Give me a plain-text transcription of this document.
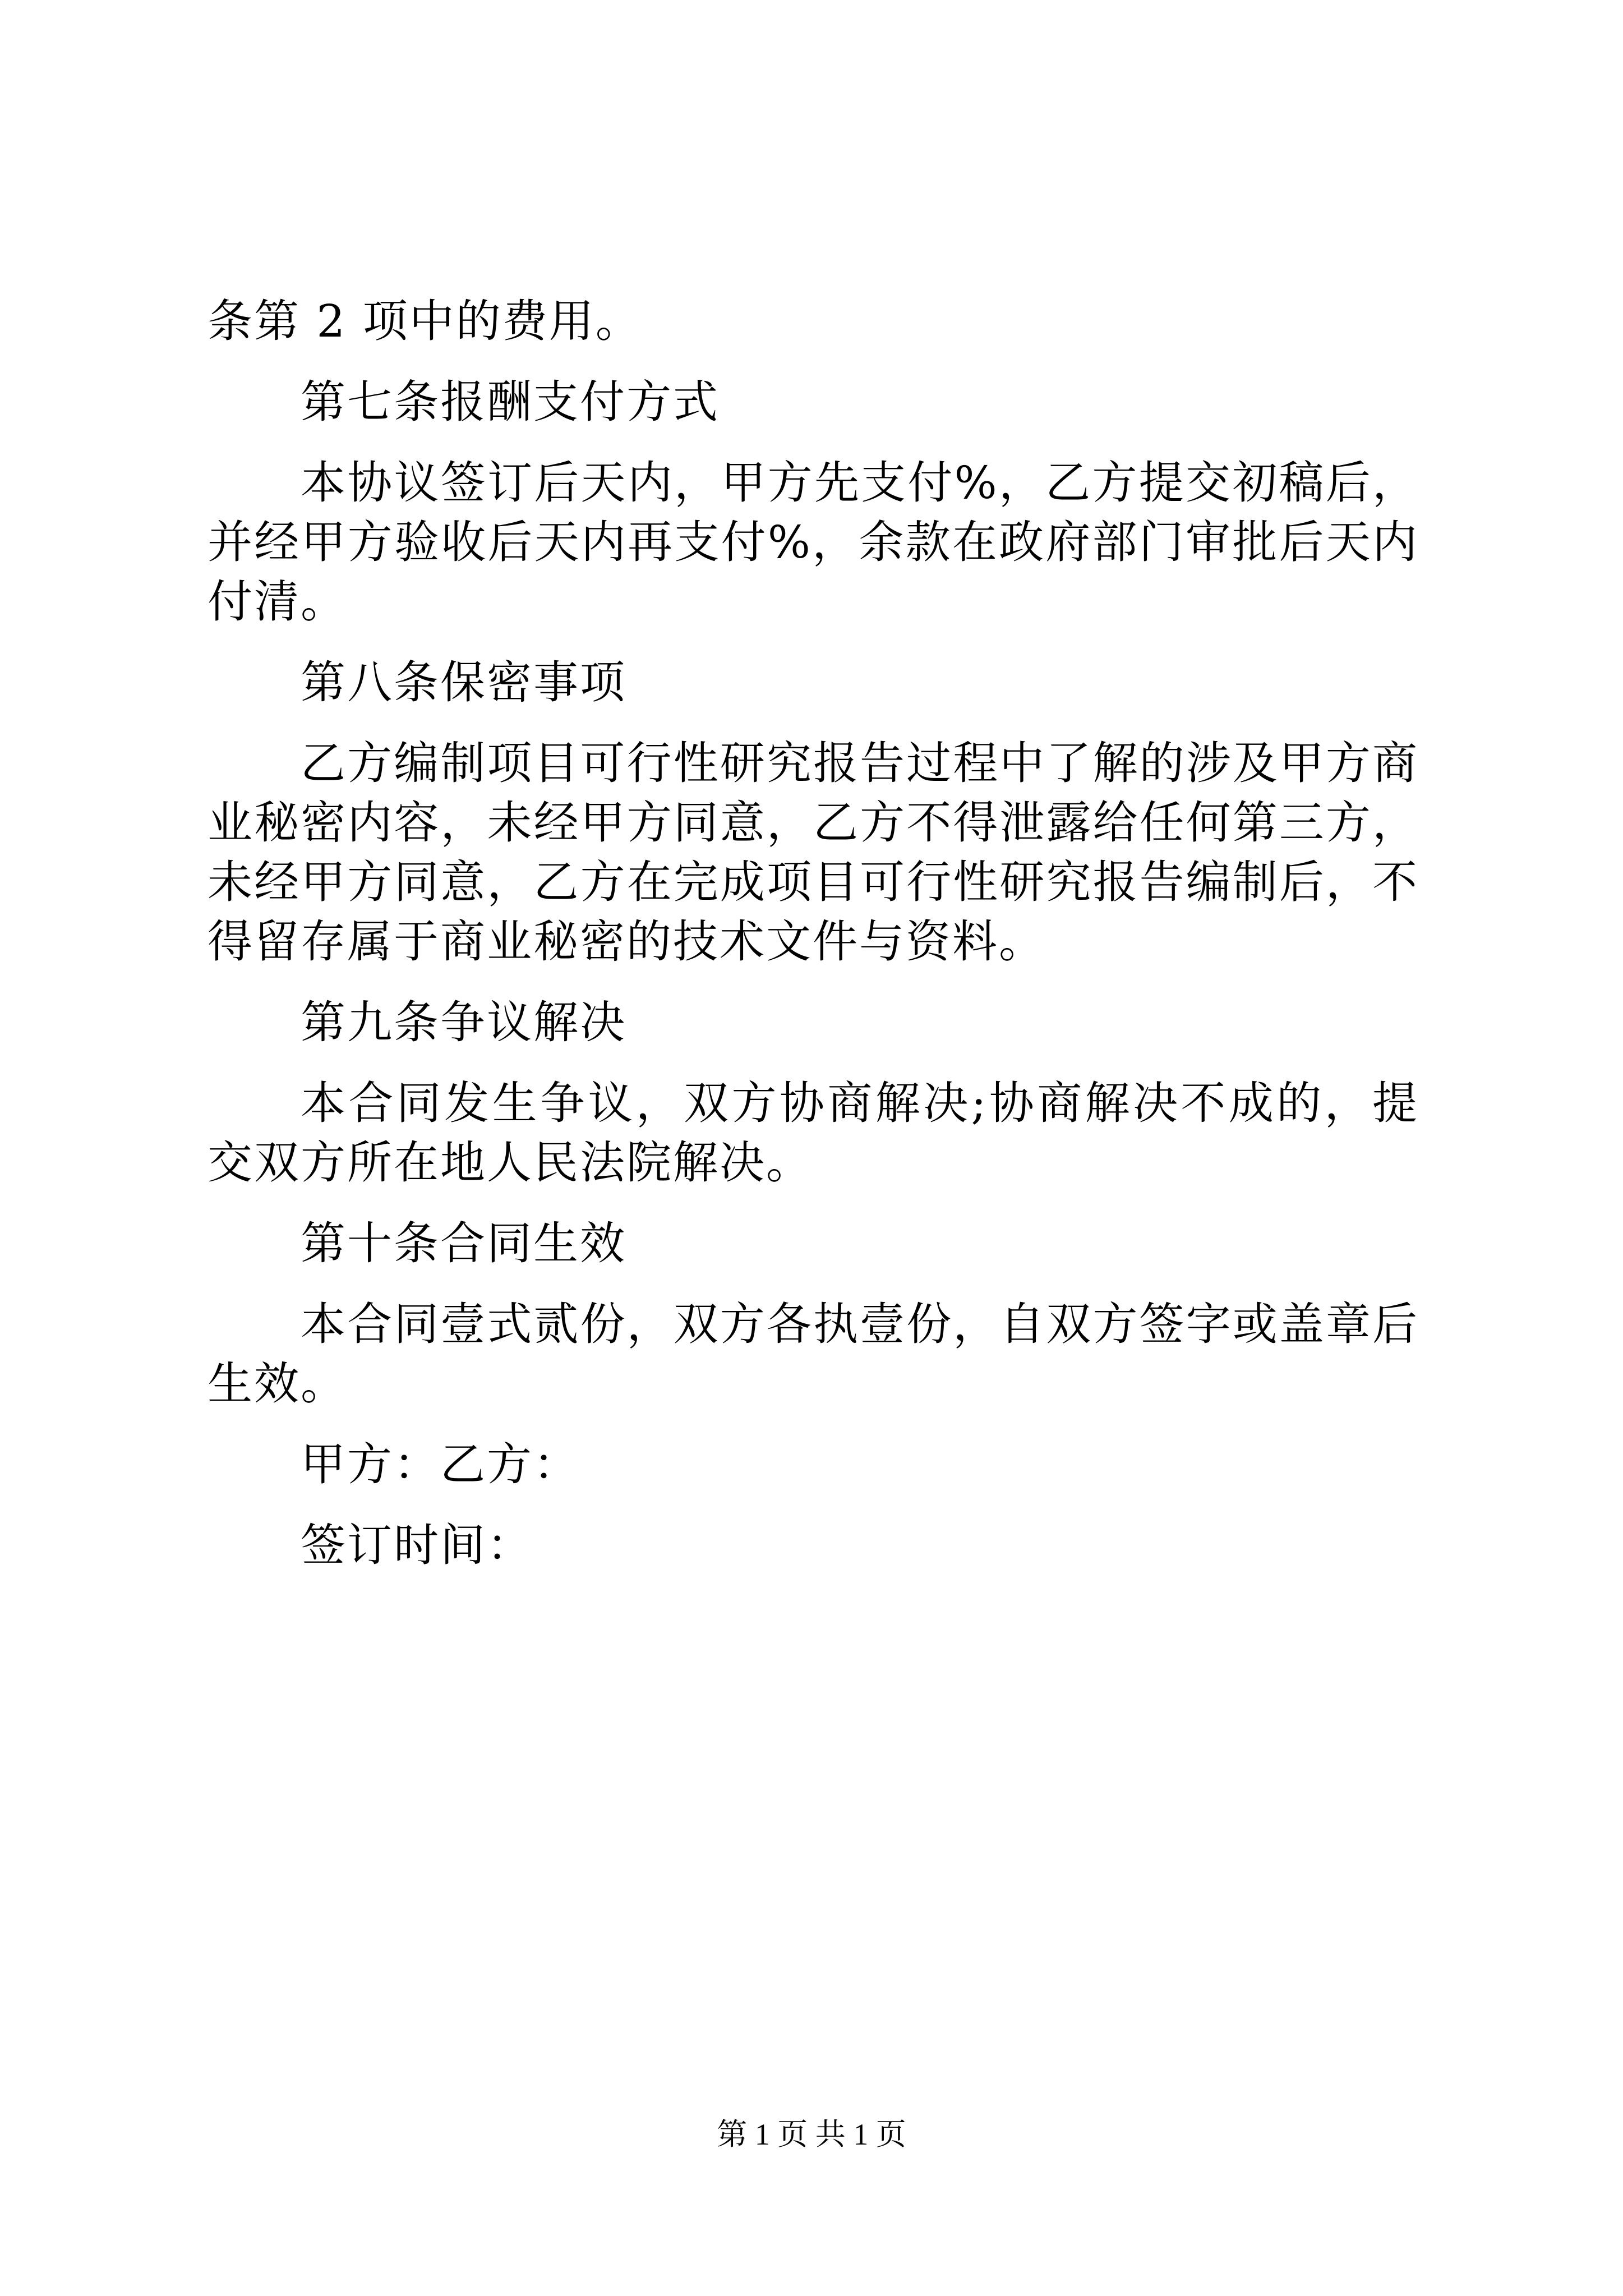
条第 2 项中的费用。

第七条报酬支付方式

本协议签订后天内，甲方先支付%，乙方提交初稿后，并经甲方验收后天内再支付%，余款在政府部门审批后天内付清。

第八条保密事项

乙方编制项目可行性研究报告过程中了解的涉及甲方商业秘密内容，未经甲方同意，乙方不得泄露给任何第三方，未经甲方同意，乙方在完成项目可行性研究报告编制后，不得留存属于商业秘密的技术文件与资料。

第九条争议解决

本合同发生争议，双方协商解决;协商解决不成的，提交双方所在地人民法院解决。

第十条合同生效

本合同壹式贰份，双方各执壹份，自双方签字或盖章后生效。

甲方：乙方：

签订时间：

第 1 页 共 1 页
